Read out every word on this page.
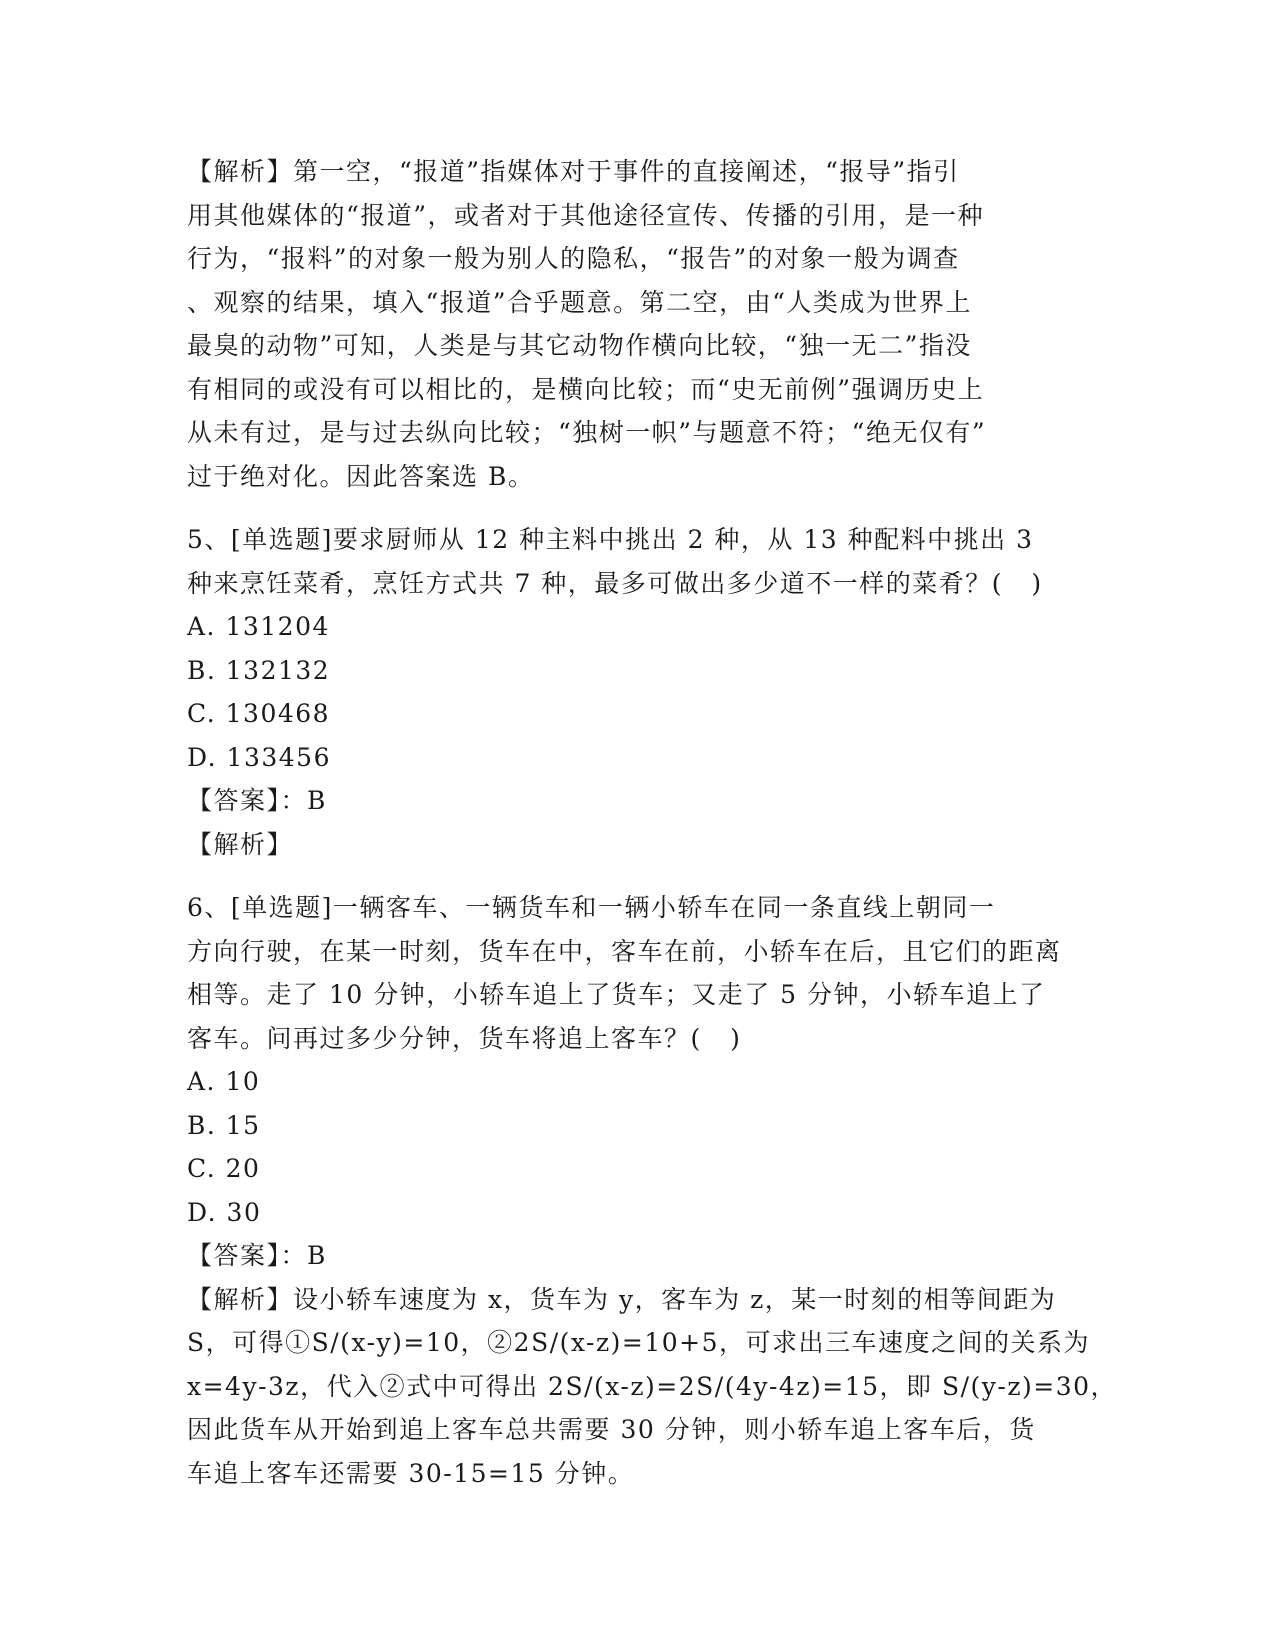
【解析】第一空，“报道”指媒体对于事件的直接阐述，“报导”指引
用其他媒体的“报道”，或者对于其他途径宣传、传播的引用，是一种
行为，“报料”的对象一般为别人的隐私，“报告”的对象一般为调查
、观察的结果，填入“报道”合乎题意。第二空，由“人类成为世界上
最臭的动物”可知，人类是与其它动物作横向比较，“独一无二”指没
有相同的或没有可以相比的，是横向比较；而“史无前例”强调历史上
从未有过，是与过去纵向比较；“独树一帜”与题意不符；“绝无仅有”
过于绝对化。因此答案选 B。
5、[单选题]要求厨师从 12 种主料中挑出 2 种，从 13 种配料中挑出 3
种来烹饪菜肴，烹饪方式共 7 种，最多可做出多少道不一样的菜肴？(   )
A. 131204
B. 132132
C. 130468
D. 133456
【答案】：B
【解析】
6、[单选题]一辆客车、一辆货车和一辆小轿车在同一条直线上朝同一
方向行驶，在某一时刻，货车在中，客车在前，小轿车在后，且它们的距离
相等。走了 10 分钟，小轿车追上了货车；又走了 5 分钟，小轿车追上了
客车。问再过多少分钟，货车将追上客车？(   )
A. 10
B. 15
C. 20
D. 30
【答案】：B
【解析】设小轿车速度为 x，货车为 y，客车为 z，某一时刻的相等间距为
S，可得①S/(x-y)=10，②2S/(x-z)=10+5，可求出三车速度之间的关系为
x=4y-3z，代入②式中可得出 2S/(x-z)=2S/(4y-4z)=15，即 S/(y-z)=30，
因此货车从开始到追上客车总共需要 30 分钟，则小轿车追上客车后，货
车追上客车还需要 30-15=15 分钟。
